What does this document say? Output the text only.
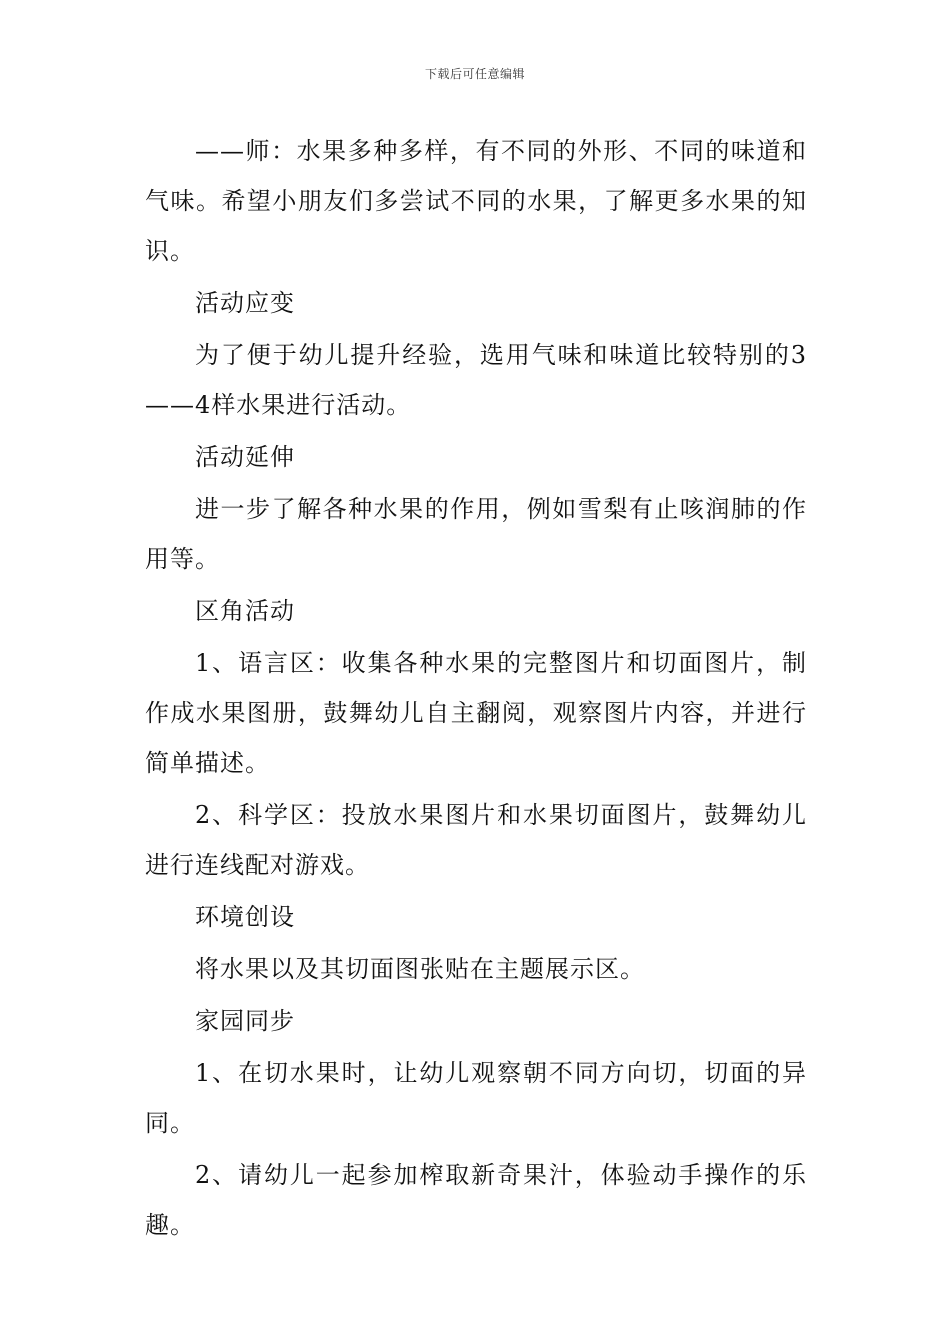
下载后可任意编辑

——师：水果多种多样，有不同的外形、不同的味道和气味。希望小朋友们多尝试不同的水果，了解更多水果的知识。

活动应变

为了便于幼儿提升经验，选用气味和味道比较特别的3——4样水果进行活动。

活动延伸

进一步了解各种水果的作用，例如雪梨有止咳润肺的作用等。

区角活动

1、语言区：收集各种水果的完整图片和切面图片，制作成水果图册，鼓舞幼儿自主翻阅，观察图片内容，并进行简单描述。

2、科学区：投放水果图片和水果切面图片，鼓舞幼儿进行连线配对游戏。

环境创设

将水果以及其切面图张贴在主题展示区。

家园同步

1、在切水果时，让幼儿观察朝不同方向切，切面的异同。

2、请幼儿一起参加榨取新奇果汁，体验动手操作的乐趣。
